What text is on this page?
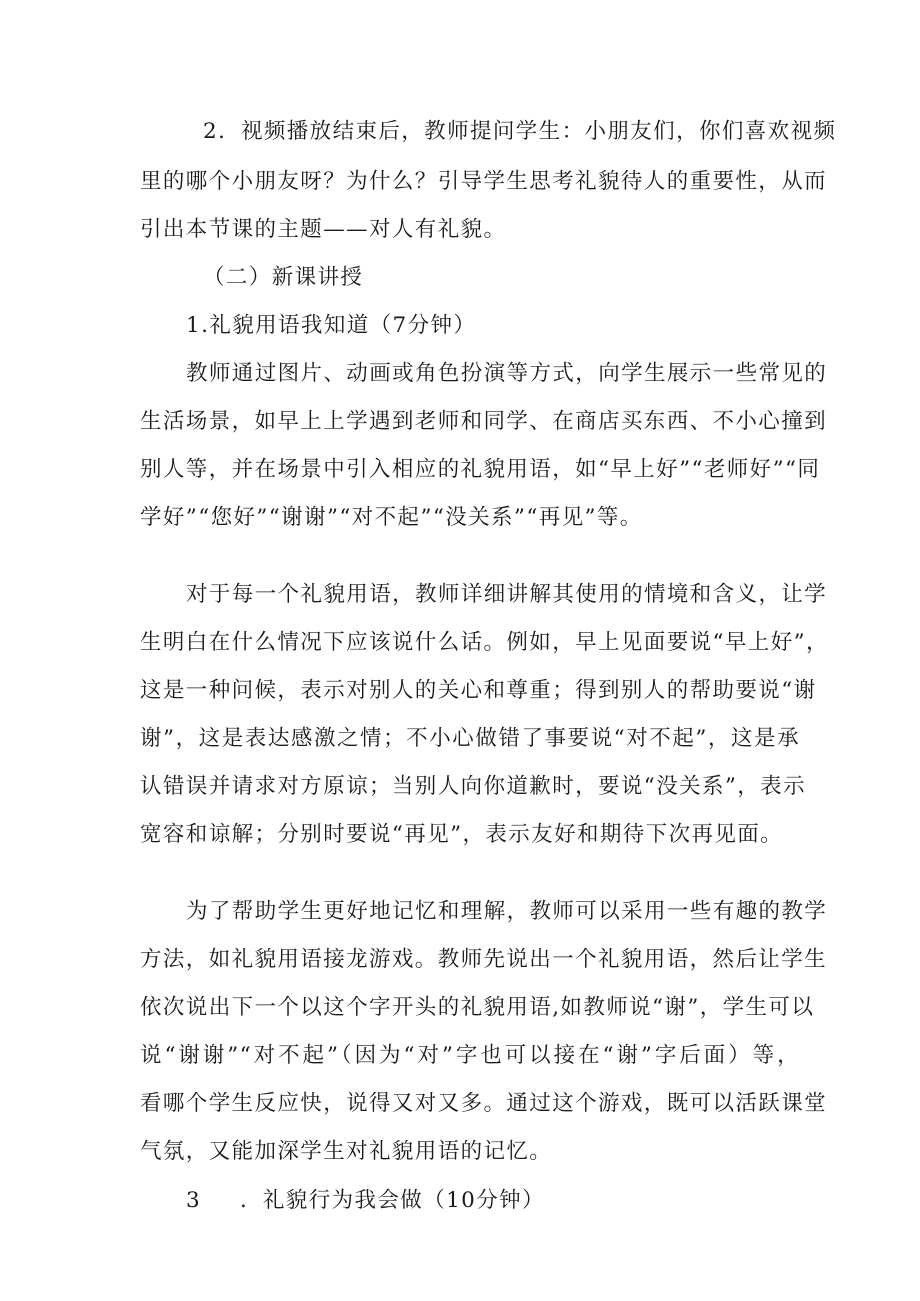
2．视频播放结束后，教师提问学生：小朋友们，你们喜欢视频
里的哪个小朋友呀？为什么？引导学生思考礼貌待人的重要性，从而
引出本节课的主题——对人有礼貌。
（二）新课讲授
1.礼貌用语我知道（7分钟）
教师通过图片、动画或角色扮演等方式，向学生展示一些常见的
生活场景，如早上上学遇到老师和同学、在商店买东西、不小心撞到
别人等，并在场景中引入相应的礼貌用语，如“早上好”“老师好”“同
学好”“您好”“谢谢”“对不起”“没关系”“再见”等。
对于每一个礼貌用语，教师详细讲解其使用的情境和含义，让学
生明白在什么情况下应该说什么话。例如，早上见面要说“早上好”，
这是一种问候，表示对别人的关心和尊重；得到别人的帮助要说“谢
谢”，这是表达感激之情；不小心做错了事要说“对不起”，这是承
认错误并请求对方原谅；当别人向你道歉时，要说“没关系”，表示
宽容和谅解；分别时要说“再见”，表示友好和期待下次再见面。
为了帮助学生更好地记忆和理解，教师可以采用一些有趣的教学
方法，如礼貌用语接龙游戏。教师先说出一个礼貌用语，然后让学生
依次说出下一个以这个字开头的礼貌用语,如教师说“谢”，学生可以
说“谢谢”“对不起”（因为“对”字也可以接在“谢”字后面）等，
看哪个学生反应快，说得又对又多。通过这个游戏，既可以活跃课堂
气氛，又能加深学生对礼貌用语的记忆。
3 ．礼貌行为我会做（10分钟）
